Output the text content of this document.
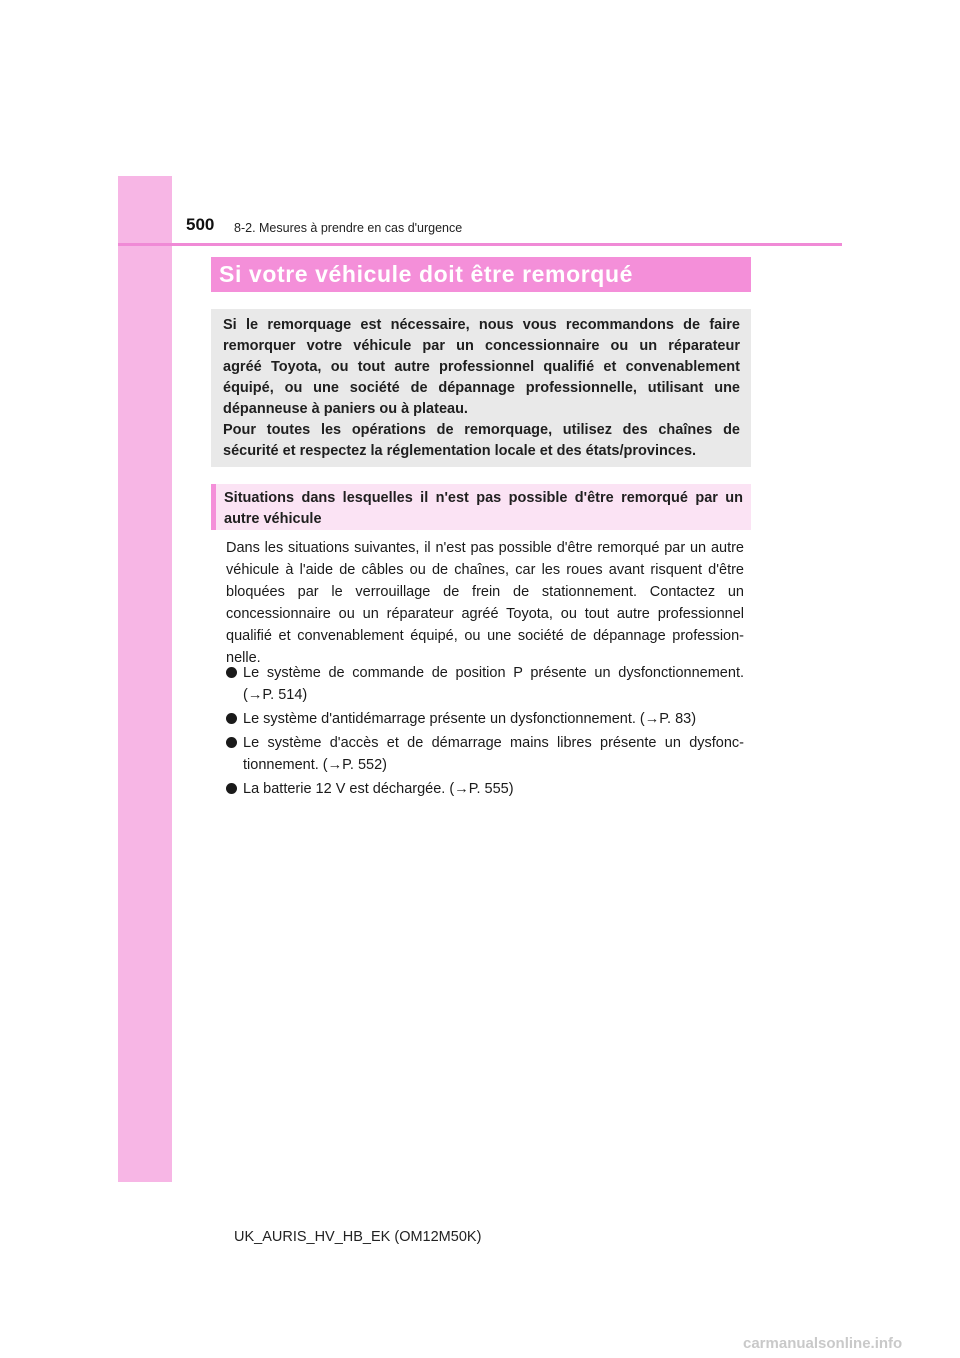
500 8-2. Mesures à prendre en cas d'urgence
Si votre véhicule doit être remorqué

Si le remorquage est nécessaire, nous vous recommandons de faire

remorquer votre véhicule par un concessionnaire ou un réparateur

agréé Toyota, ou tout autre professionnel qualifié et convenablement

équipé, ou une société de dépannage professionnelle, utilisant une

dépanneuse à paniers ou à plateau.

Pour toutes les opérations de remorquage, utilisez des chaînes de

sécurité et respectez la réglementation locale et des états/provinces.

Situations dans lesquelles il n'est pas possible d'être remorqué par un
autre véhicule

Dans les situations suivantes, il n'est pas possible d'être remorqué par un autre véhicule à l'aide de câbles ou de chaînes, car les roues avant risquent d'être bloquées par le verrouillage de frein de stationnement. Contactez un concessionnaire ou un réparateur agréé Toyota, ou tout autre professionnel qualifié et convenablement équipé, ou une société de dépannage profession-nelle.

Le système de commande de position P présente un dysfonctionnement. (→P. 514)
Le système d'antidémarrage présente un dysfonctionnement. (→P. 83)
Le système d'accès et de démarrage mains libres présente un dysfonc-tionnement. (→P. 552)
La batterie 12 V est déchargée. (→P. 555)
UK_AURIS_HV_HB_EK (OM12M50K)
carmanualsonline.info
